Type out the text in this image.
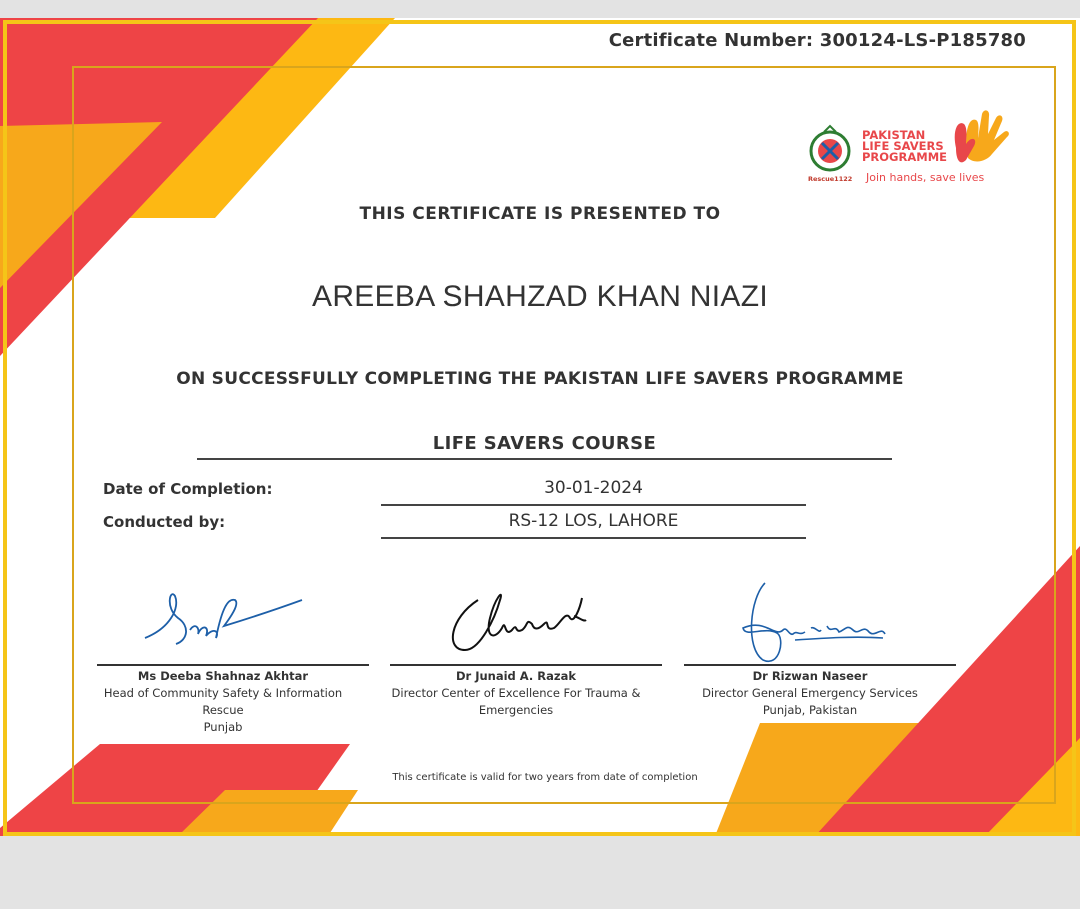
Certificate Number: 300124-LS-P185780
PAKISTAN
LIFE SAVERS
PROGRAMME
Join hands, save lives
Rescue1122
THIS CERTIFICATE IS PRESENTED TO
AREEBA SHAHZAD KHAN NIAZI
ON SUCCESSFULLY COMPLETING THE PAKISTAN LIFE SAVERS PROGRAMME
LIFE SAVERS COURSE
Date of Completion:	30-01-2024
Conducted by:	RS-12 LOS, LAHORE
Ms Deeba Shahnaz Akhtar
Head of Community Safety & Information Rescue
Punjab
Dr Junaid A. Razak
Director Center of Excellence For Trauma &
Emergencies
Dr Rizwan Naseer
Director General Emergency Services
Punjab, Pakistan
This certificate is valid for two years from date of completion
